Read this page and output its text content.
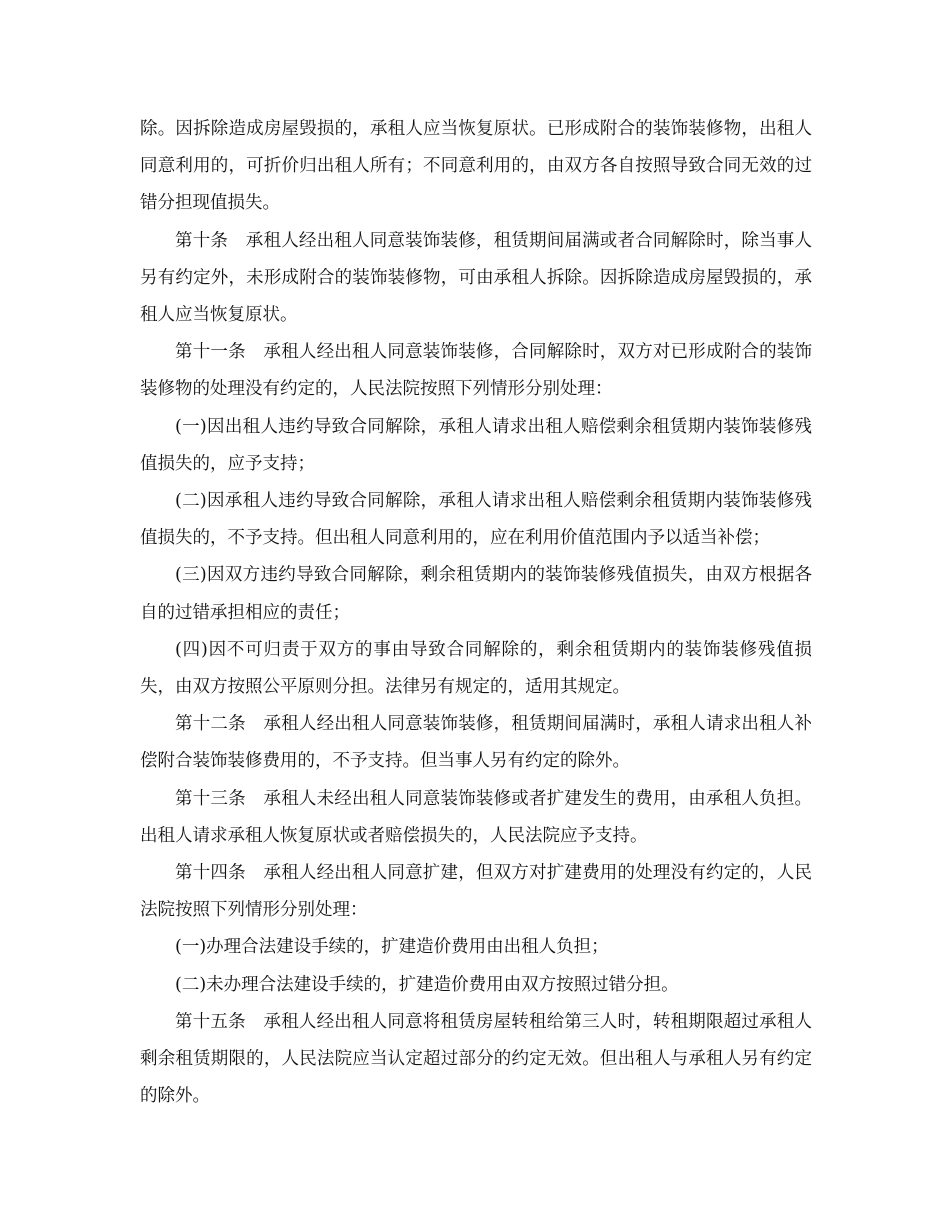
除。因拆除造成房屋毁损的，承租人应当恢复原状。已形成附合的装饰装修物，出租人同意利用的，可折价归出租人所有；不同意利用的，由双方各自按照导致合同无效的过错分担现值损失。

第十条　承租人经出租人同意装饰装修，租赁期间届满或者合同解除时，除当事人另有约定外，未形成附合的装饰装修物，可由承租人拆除。因拆除造成房屋毁损的，承租人应当恢复原状。

第十一条　承租人经出租人同意装饰装修，合同解除时，双方对已形成附合的装饰装修物的处理没有约定的，人民法院按照下列情形分别处理：

(一)因出租人违约导致合同解除，承租人请求出租人赔偿剩余租赁期内装饰装修残值损失的，应予支持；

(二)因承租人违约导致合同解除，承租人请求出租人赔偿剩余租赁期内装饰装修残值损失的，不予支持。但出租人同意利用的，应在利用价值范围内予以适当补偿；

(三)因双方违约导致合同解除，剩余租赁期内的装饰装修残值损失，由双方根据各自的过错承担相应的责任；

(四)因不可归责于双方的事由导致合同解除的，剩余租赁期内的装饰装修残值损失，由双方按照公平原则分担。法律另有规定的，适用其规定。

第十二条　承租人经出租人同意装饰装修，租赁期间届满时，承租人请求出租人补偿附合装饰装修费用的，不予支持。但当事人另有约定的除外。

第十三条　承租人未经出租人同意装饰装修或者扩建发生的费用，由承租人负担。出租人请求承租人恢复原状或者赔偿损失的，人民法院应予支持。

第十四条　承租人经出租人同意扩建，但双方对扩建费用的处理没有约定的，人民法院按照下列情形分别处理：

(一)办理合法建设手续的，扩建造价费用由出租人负担；

(二)未办理合法建设手续的，扩建造价费用由双方按照过错分担。

第十五条　承租人经出租人同意将租赁房屋转租给第三人时，转租期限超过承租人剩余租赁期限的，人民法院应当认定超过部分的约定无效。但出租人与承租人另有约定的除外。
